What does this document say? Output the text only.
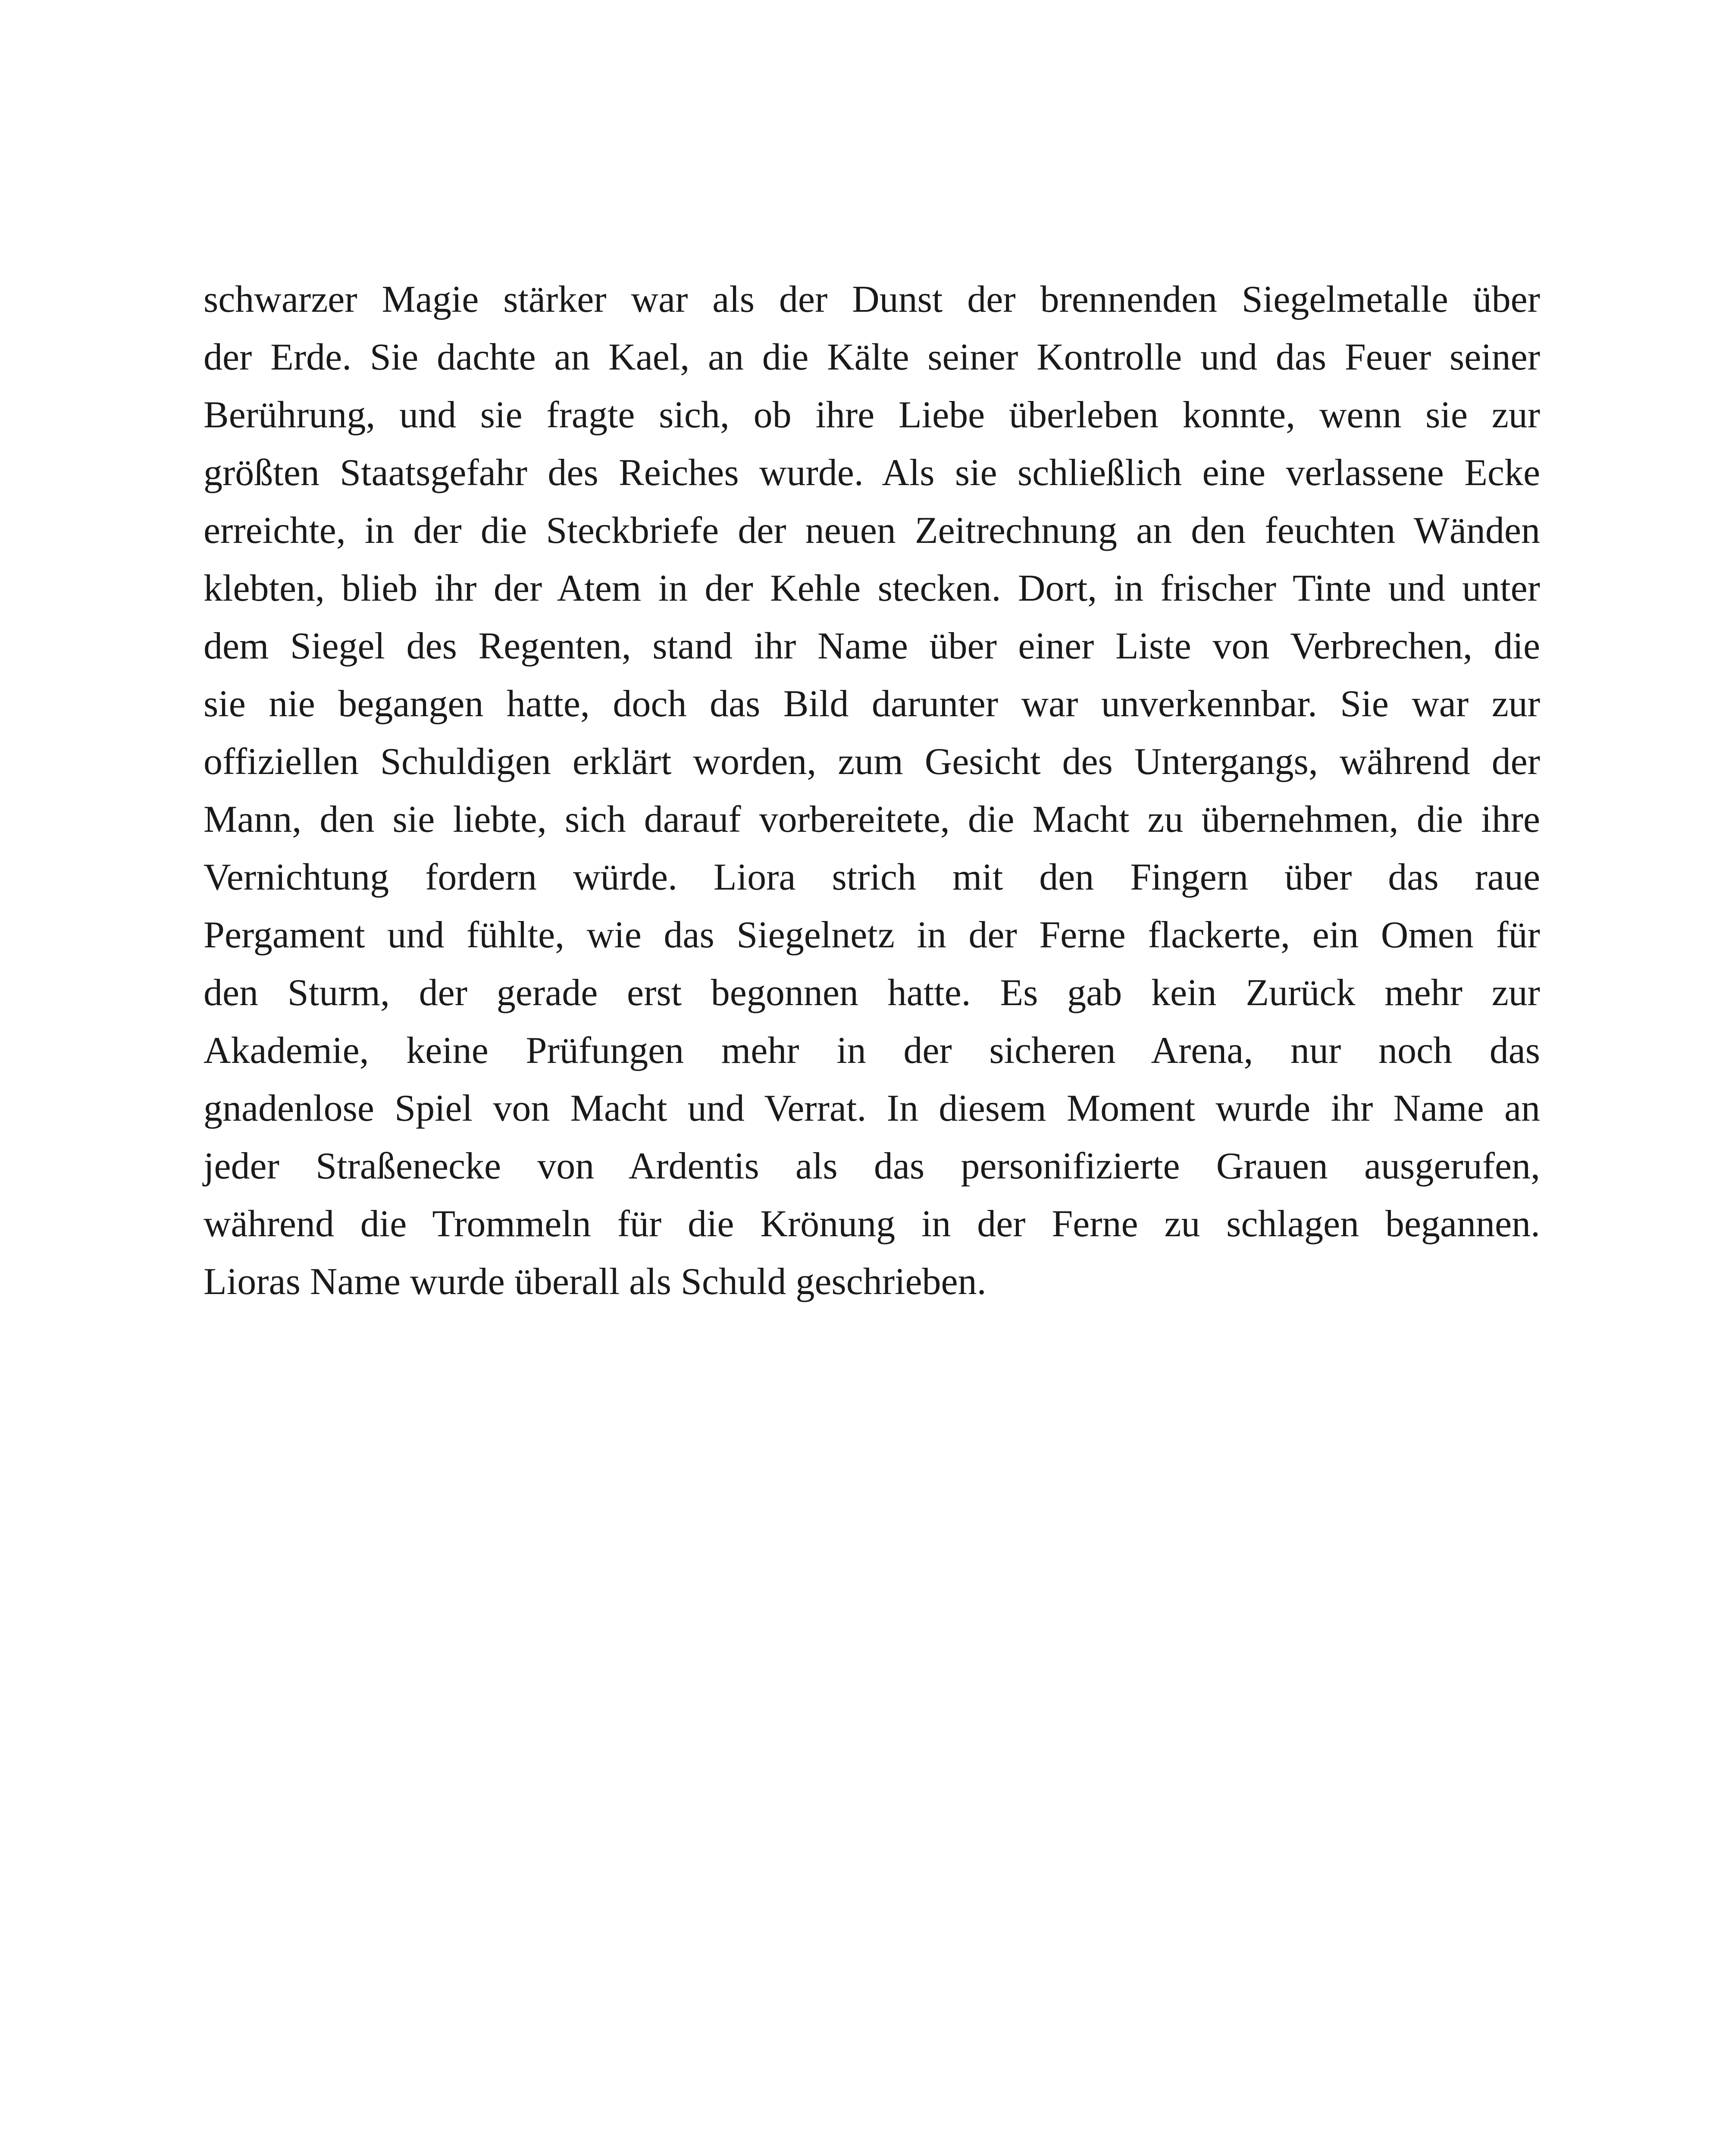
schwarzer Magie stärker war als der Dunst der brennenden Siegelmetalle über
der Erde. Sie dachte an Kael, an die Kälte seiner Kontrolle und das Feuer seiner
Berührung, und sie fragte sich, ob ihre Liebe überleben konnte, wenn sie zur
größten Staatsgefahr des Reiches wurde. Als sie schließlich eine verlassene Ecke
erreichte, in der die Steckbriefe der neuen Zeitrechnung an den feuchten Wänden
klebten, blieb ihr der Atem in der Kehle stecken. Dort, in frischer Tinte und unter
dem Siegel des Regenten, stand ihr Name über einer Liste von Verbrechen, die
sie nie begangen hatte, doch das Bild darunter war unverkennbar. Sie war zur
offiziellen Schuldigen erklärt worden, zum Gesicht des Untergangs, während der
Mann, den sie liebte, sich darauf vorbereitete, die Macht zu übernehmen, die ihre
Vernichtung fordern würde. Liora strich mit den Fingern über das raue
Pergament und fühlte, wie das Siegelnetz in der Ferne flackerte, ein Omen für
den Sturm, der gerade erst begonnen hatte. Es gab kein Zurück mehr zur
Akademie, keine Prüfungen mehr in der sicheren Arena, nur noch das
gnadenlose Spiel von Macht und Verrat. In diesem Moment wurde ihr Name an
jeder Straßenecke von Ardentis als das personifizierte Grauen ausgerufen,
während die Trommeln für die Krönung in der Ferne zu schlagen begannen.
Lioras Name wurde überall als Schuld geschrieben.
